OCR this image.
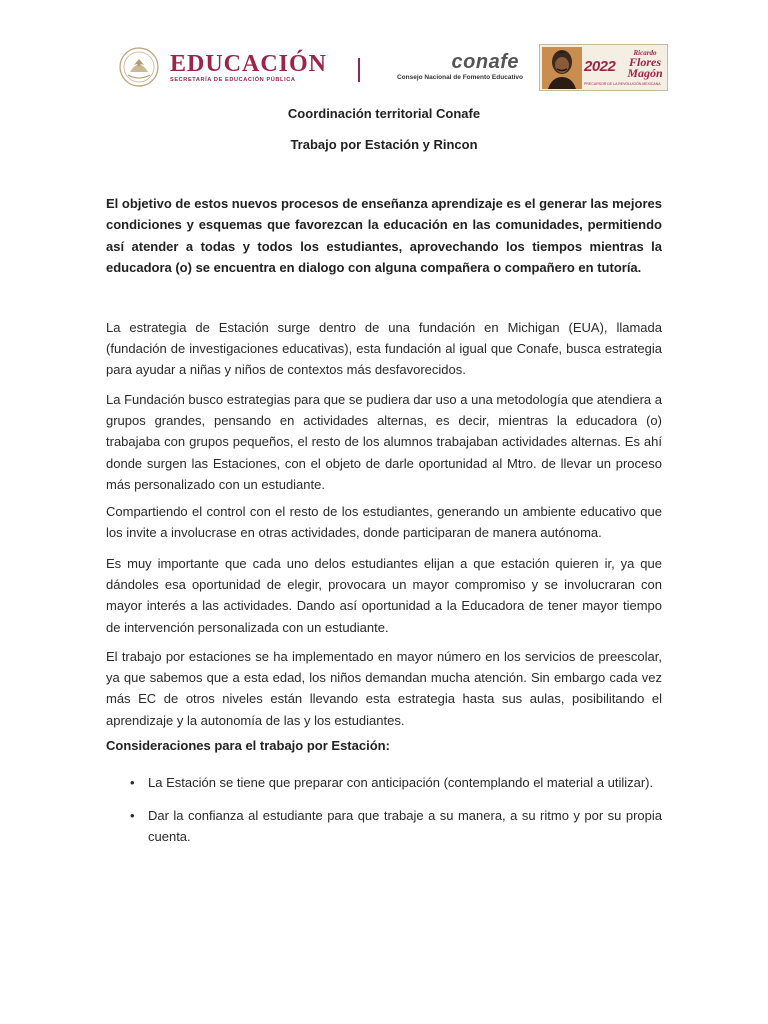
EDUCACIÓN
SECRETARÍA DE EDUCACIÓN PÚBLICA
conafe
Consejo Nacional de Fomento Educativo
2022
Ricardo
Flores
Magón
PRECURSOR DE LA REVOLUCIÓN MEXICANA
Coordinación territorial Conafe
Trabajo por Estación y Rincon

El objetivo de estos nuevos procesos de enseñanza aprendizaje es el generar las mejores condiciones y esquemas que favorezcan la educación en las comunidades, permitiendo así atender a todas y todos los estudiantes, aprovechando los tiempos mientras la educadora (o) se encuentra en dialogo con alguna compañera o compañero en tutoría.

La estrategia de Estación surge dentro de una fundación en Michigan (EUA), llamada (fundación de investigaciones educativas), esta fundación al igual que Conafe, busca estrategia para ayudar a niñas y niños de contextos más desfavorecidos.

La Fundación busco estrategias para que se pudiera dar uso a una metodología que atendiera a grupos grandes, pensando en actividades alternas, es decir, mientras la educadora (o) trabajaba con grupos pequeños, el resto de los alumnos trabajaban actividades alternas. Es ahí donde surgen las Estaciones, con el objeto de darle oportunidad al Mtro. de llevar un proceso más personalizado con un estudiante.

Compartiendo el control con el resto de los estudiantes, generando un ambiente educativo que los invite a involucrase en otras actividades, donde participaran de manera autónoma.

Es muy importante que cada uno delos estudiantes elijan a que estación quieren ir, ya que dándoles esa oportunidad de elegir, provocara un mayor compromiso y se involucraran con mayor interés a las actividades. Dando así oportunidad a la Educadora de tener mayor tiempo de intervención personalizada con un estudiante.

El trabajo por estaciones se ha implementado en mayor número en los servicios de preescolar, ya que sabemos que a esta edad, los niños demandan mucha atención. Sin embargo cada vez más EC de otros niveles están llevando esta estrategia hasta sus aulas, posibilitando el aprendizaje y la autonomía de las y los estudiantes.

Consideraciones para el trabajo por Estación:

• La Estación se tiene que preparar con anticipación (contemplando el material a utilizar).
• Dar la confianza al estudiante para que trabaje a su manera, a su ritmo y por su propia cuenta.
